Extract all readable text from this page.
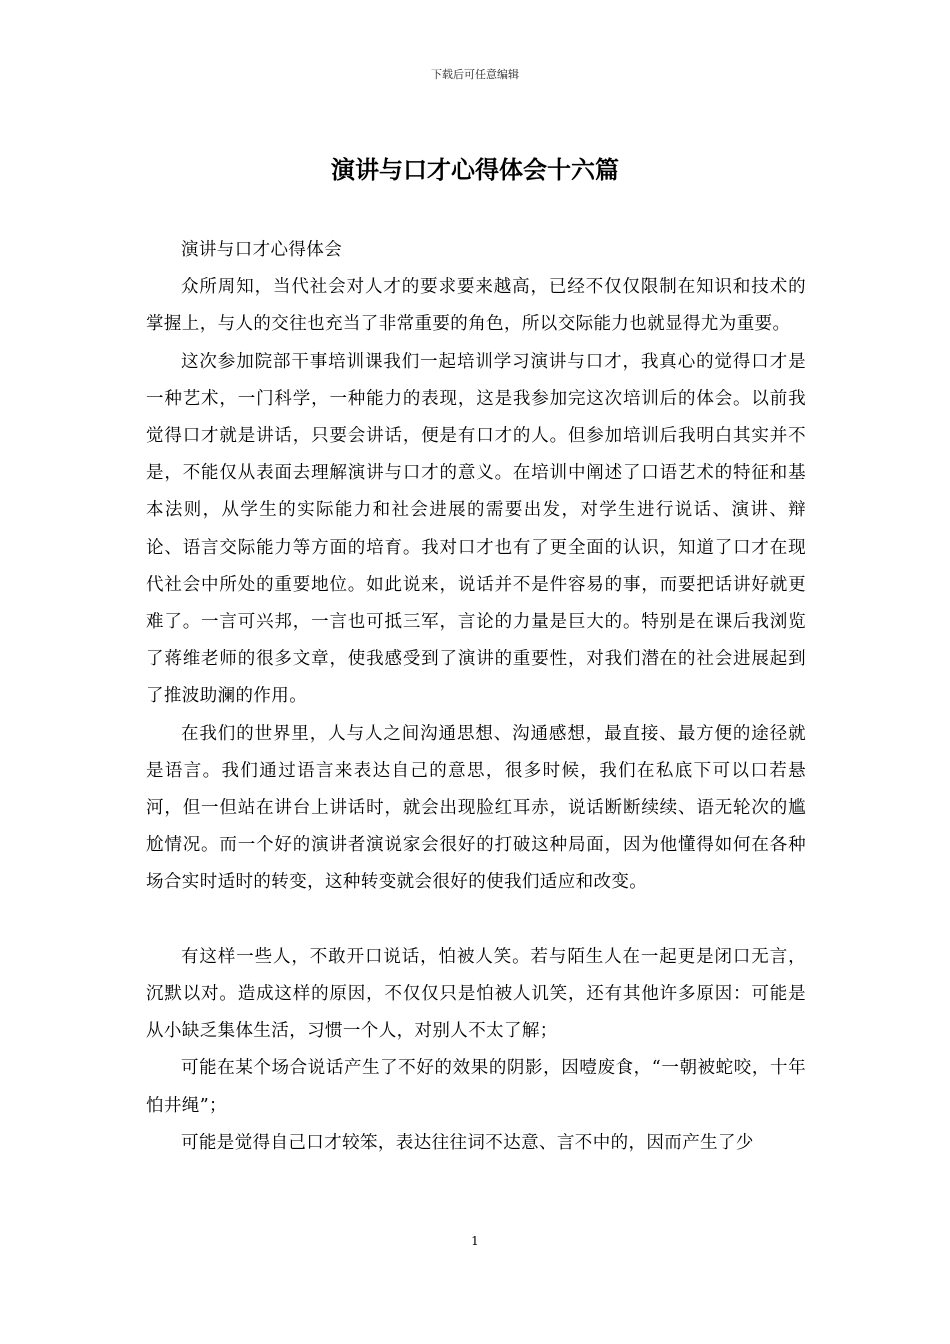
下载后可任意编辑
演讲与口才心得体会十六篇

演讲与口才心得体会

众所周知，当代社会对人才的要求要来越高，已经不仅仅限制在知识和技术的掌握上，与人的交往也充当了非常重要的角色，所以交际能力也就显得尤为重要。

这次参加院部干事培训课我们一起培训学习演讲与口才，我真心的觉得口才是一种艺术，一门科学，一种能力的表现，这是我参加完这次培训后的体会。以前我觉得口才就是讲话，只要会讲话，便是有口才的人。但参加培训后我明白其实并不是，不能仅从表面去理解演讲与口才的意义。在培训中阐述了口语艺术的特征和基本法则，从学生的实际能力和社会进展的需要出发，对学生进行说话、演讲、辩论、语言交际能力等方面的培育。我对口才也有了更全面的认识，知道了口才在现代社会中所处的重要地位。如此说来，说话并不是件容易的事，而要把话讲好就更难了。一言可兴邦，一言也可抵三军，言论的力量是巨大的。特别是在课后我浏览了蒋维老师的很多文章，使我感受到了演讲的重要性，对我们潜在的社会进展起到了推波助澜的作用。

在我们的世界里，人与人之间沟通思想、沟通感想，最直接、最方便的途径就是语言。我们通过语言来表达自己的意思，很多时候，我们在私底下可以口若悬河，但一但站在讲台上讲话时，就会出现脸红耳赤，说话断断续续、语无轮次的尴尬情况。而一个好的演讲者演说家会很好的打破这种局面，因为他懂得如何在各种场合实时适时的转变，这种转变就会很好的使我们适应和改变。

有这样一些人，不敢开口说话，怕被人笑。若与陌生人在一起更是闭口无言，沉默以对。造成这样的原因，不仅仅只是怕被人讥笑，还有其他许多原因：可能是从小缺乏集体生活，习惯一个人，对别人不太了解；

可能在某个场合说话产生了不好的效果的阴影，因噎废食，“一朝被蛇咬，十年怕井绳”；

可能是觉得自己口才较笨，表达往往词不达意、言不中的，因而产生了少

1
